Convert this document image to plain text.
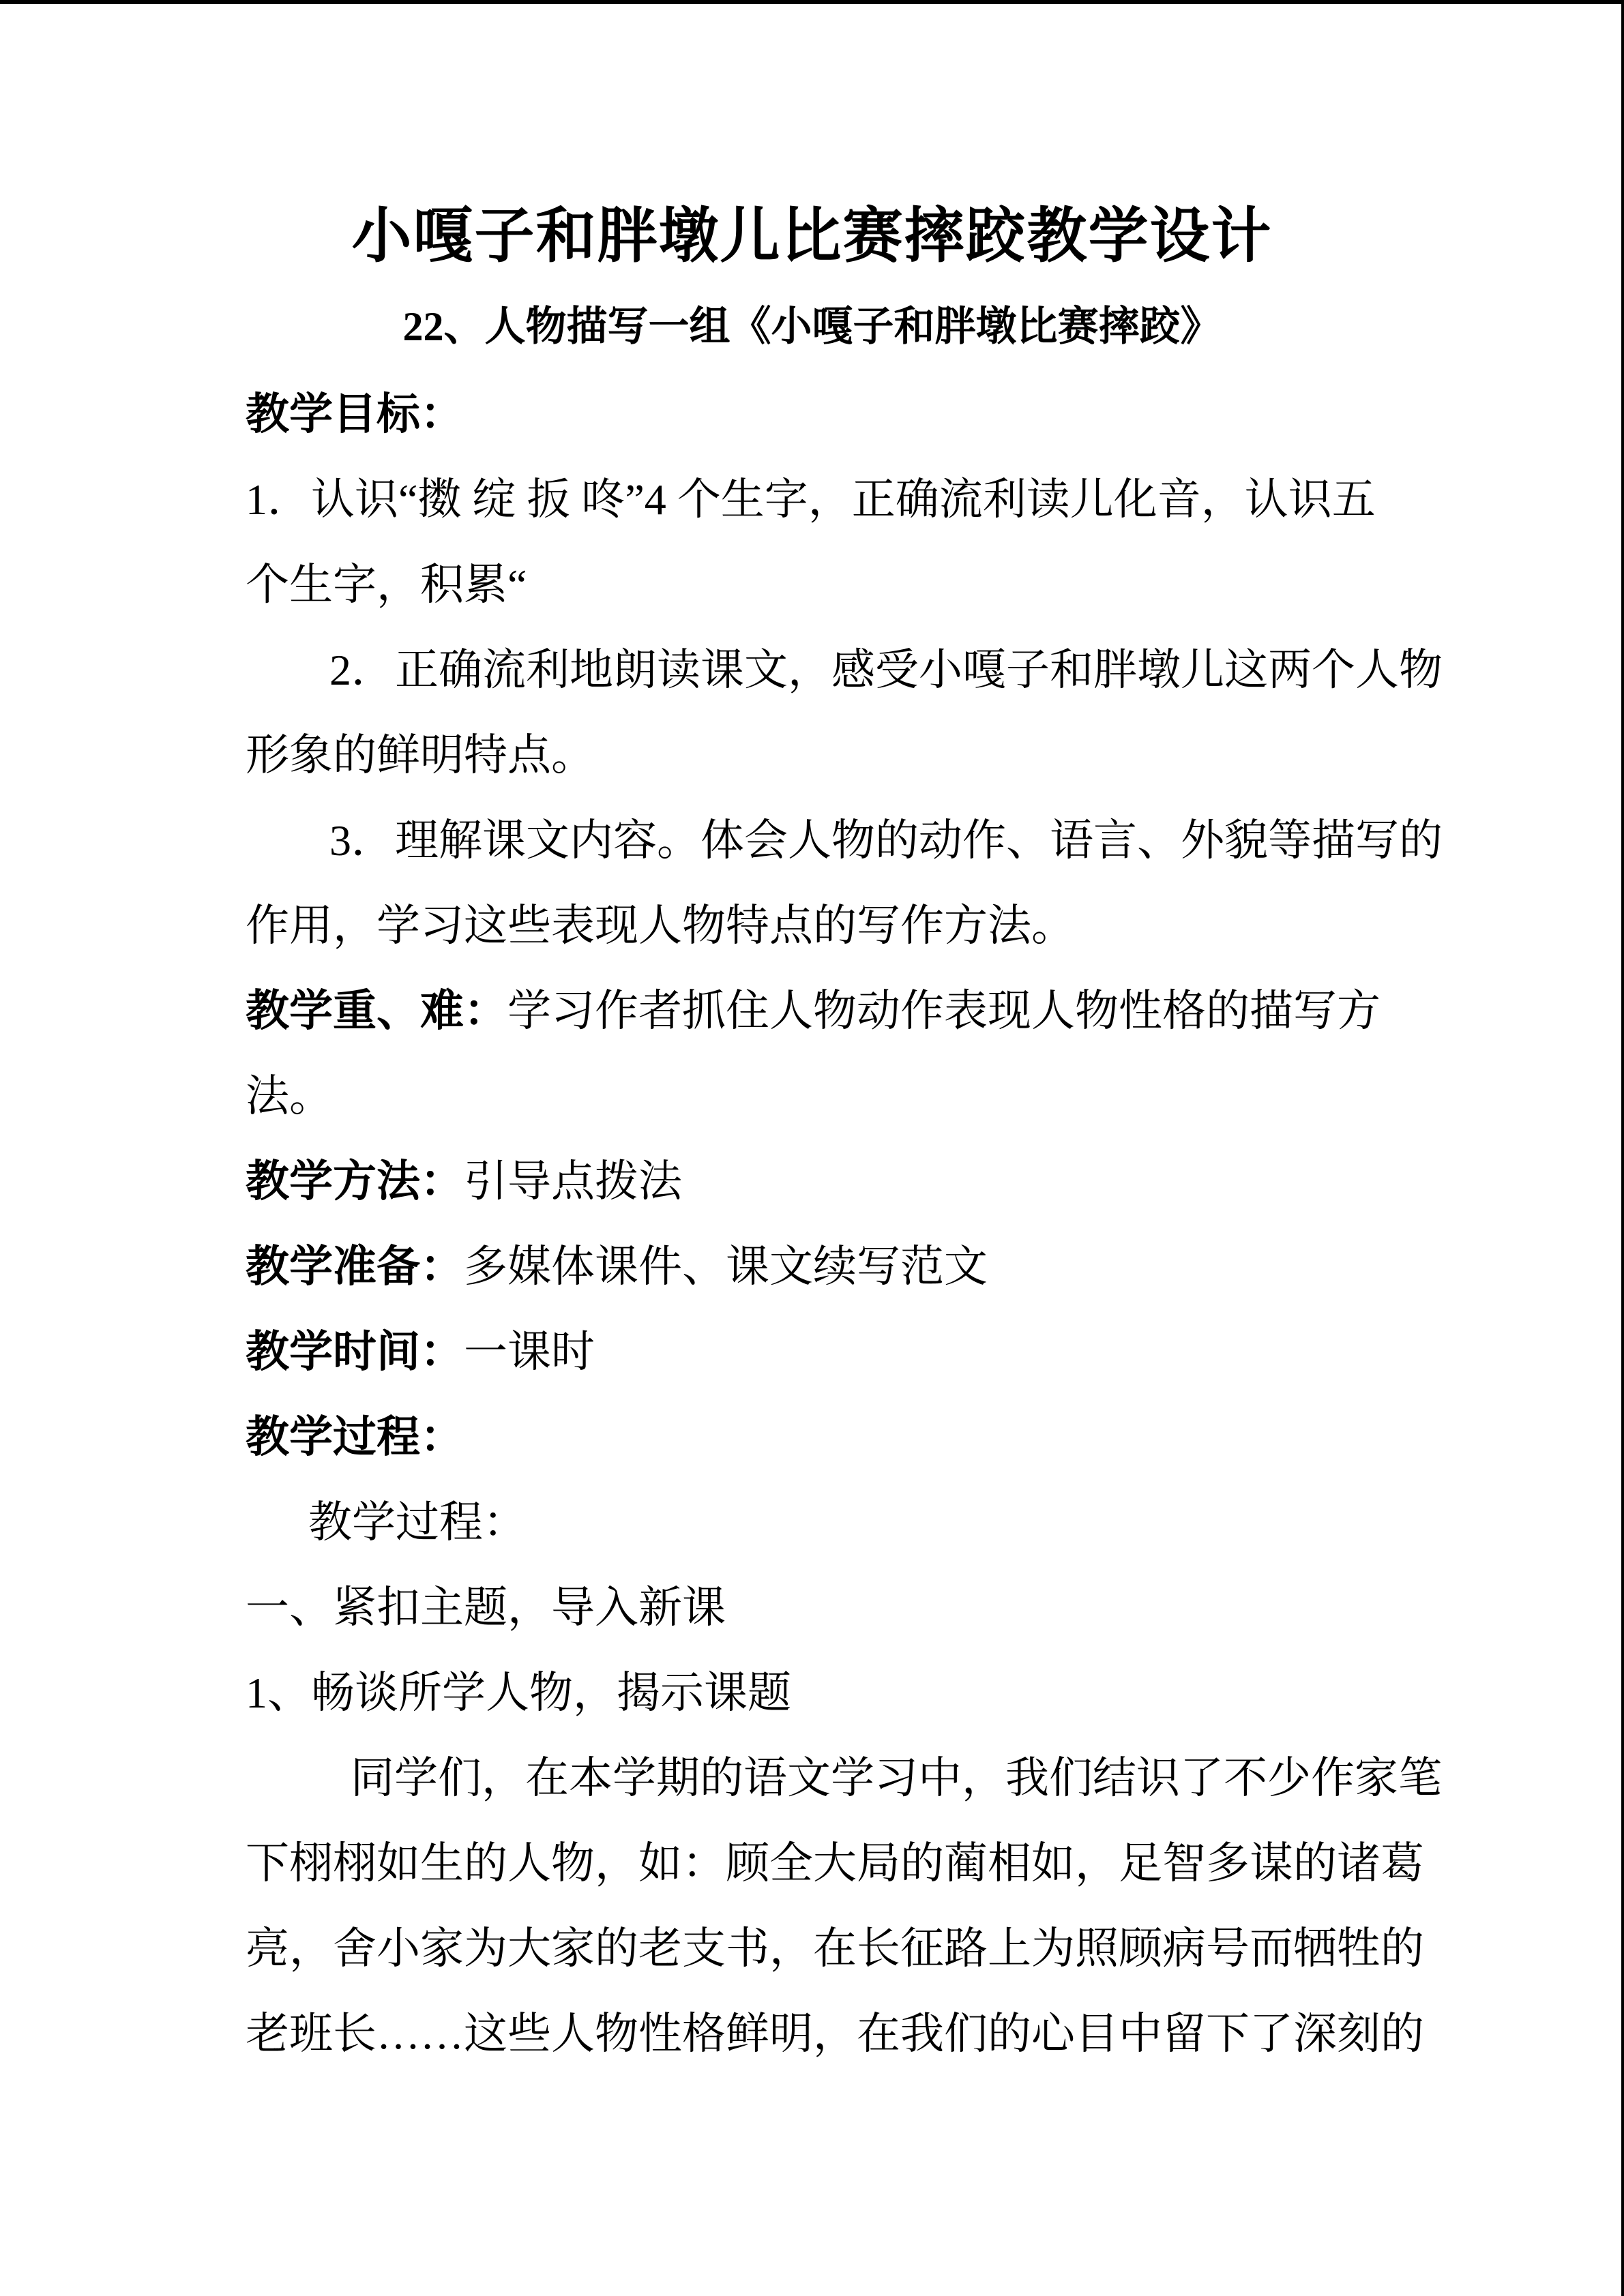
小嘎子和胖墩儿比赛摔跤教学设计
22、人物描写一组《小嘎子和胖墩比赛摔跤》

教学目标：

1．认识“擞 绽 扳 咚”4 个生字，正确流利读儿化音，认识五

个生字，积累“

2．正确流利地朗读课文，感受小嘎子和胖墩儿这两个人物

形象的鲜明特点。

3．理解课文内容。体会人物的动作、语言、外貌等描写的

作用，学习这些表现人物特点的写作方法。

教学重、难：学习作者抓住人物动作表现人物性格的描写方

法。

教学方法：引导点拨法

教学准备：多媒体课件、课文续写范文

教学时间：一课时

教学过程：

教学过程：

一、紧扣主题，导入新课

1、畅谈所学人物，揭示课题

同学们，在本学期的语文学习中，我们结识了不少作家笔

下栩栩如生的人物，如：顾全大局的蔺相如，足智多谋的诸葛

亮，舍小家为大家的老支书，在长征路上为照顾病号而牺牲的

老班长……这些人物性格鲜明，在我们的心目中留下了深刻的
